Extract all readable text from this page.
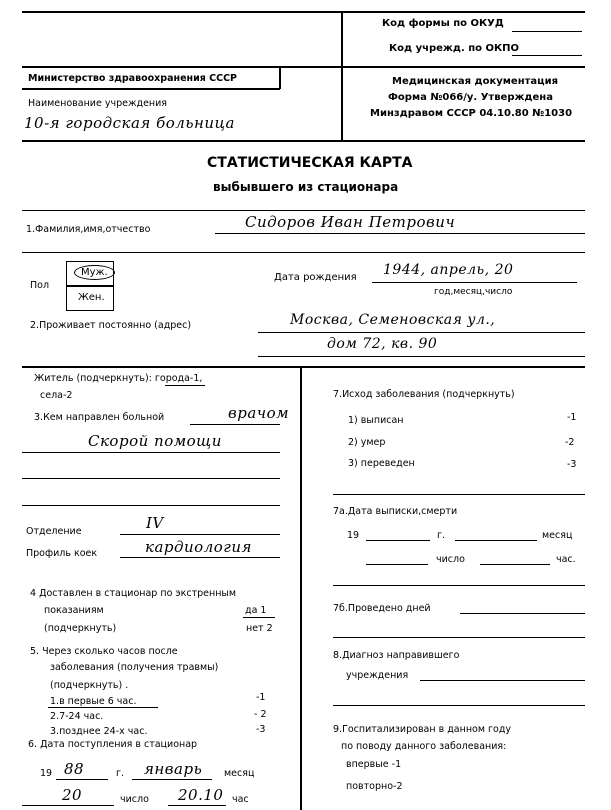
Код формы по ОКУД
Код учрежд. по ОКПО
Министерство здравоохранения СССР
Наименование учреждения
10-я городская больница
Медицинская документация
Форма №066/у. Утверждена
Минздравом СССР 04.10.80 №1030
СТАТИСТИЧЕСКАЯ КАРТА
выбывшего из стационара
1.Фамилия,имя,отчество	Сидоров Иван Петрович
Пол
Муж.
Жен.
Дата рождения 1944, апрель, 20
год,месяц,число
2.Проживает постоянно (адрес)	Москва, Семеновская ул.,
дом 72, кв. 90
Житель (подчеркнуть): города-1,
села-2
3.Кем направлен больной	врачом
Скорой помощи
Отделение	IV
Профиль коек	кардиология
4 Доставлен в стационар по экстренным
показаниям
(подчеркнуть)
да 1
нет 2
5. Через сколько часов после
заболевания (получения травмы)
(подчеркнуть) .
1.в первые 6 час.	-1
2.7-24 час.	- 2
3.позднее 24-х час.	-3
6. Дата поступления в стационар
19 88	г. январь месяц
20	число 20.10 час
7.Исход заболевания (подчеркнуть)
1) выписан	-1
2) умер	-2
3) переведен	-3
7а.Дата выписки,смерти
19	г.	месяц
число	час.
7б.Проведено дней
8.Диагноз направившего
учреждения
9.Госпитализирован в данном году
по поводу данного заболевания:
впервые -1
повторно-2
